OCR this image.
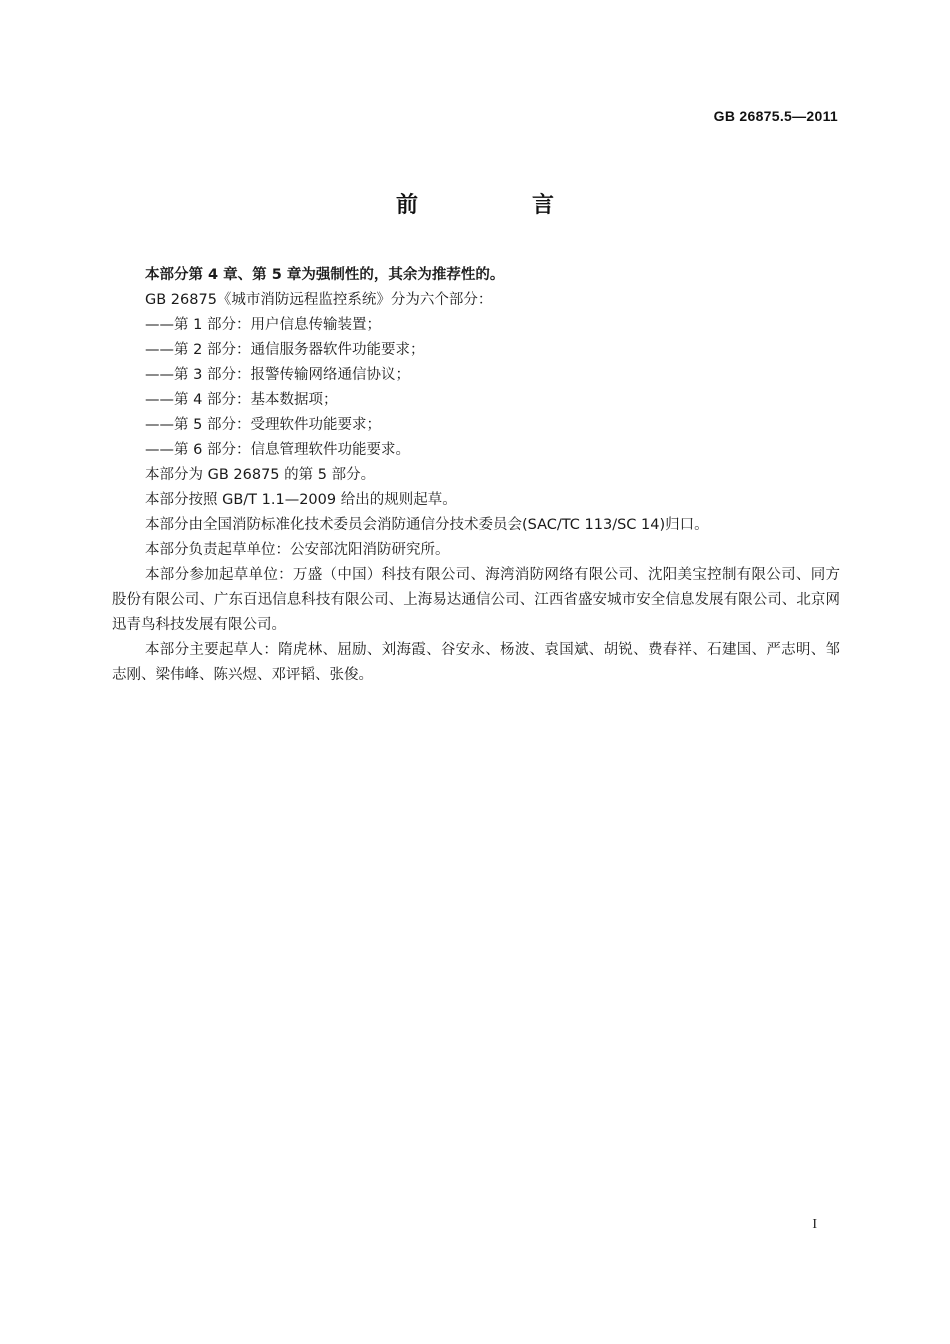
GB 26875.5—2011
前　言

本部分第 4 章、第 5 章为强制性的，其余为推荐性的。

GB 26875《城市消防远程监控系统》分为六个部分：

——第 1 部分：用户信息传输装置；

——第 2 部分：通信服务器软件功能要求；

——第 3 部分：报警传输网络通信协议；

——第 4 部分：基本数据项；

——第 5 部分：受理软件功能要求；

——第 6 部分：信息管理软件功能要求。

本部分为 GB 26875 的第 5 部分。

本部分按照 GB/T 1.1—2009 给出的规则起草。

本部分由全国消防标准化技术委员会消防通信分技术委员会(SAC/TC 113/SC 14)归口。

本部分负责起草单位：公安部沈阳消防研究所。

本部分参加起草单位：万盛（中国）科技有限公司、海湾消防网络有限公司、沈阳美宝控制有限公司、同方股份有限公司、广东百迅信息科技有限公司、上海易达通信公司、江西省盛安城市安全信息发展有限公司、北京网迅青鸟科技发展有限公司。

本部分主要起草人：隋虎林、屈励、刘海霞、谷安永、杨波、袁国斌、胡锐、费春祥、石建国、严志明、邹志刚、梁伟峰、陈兴煜、邓评韬、张俊。

I
